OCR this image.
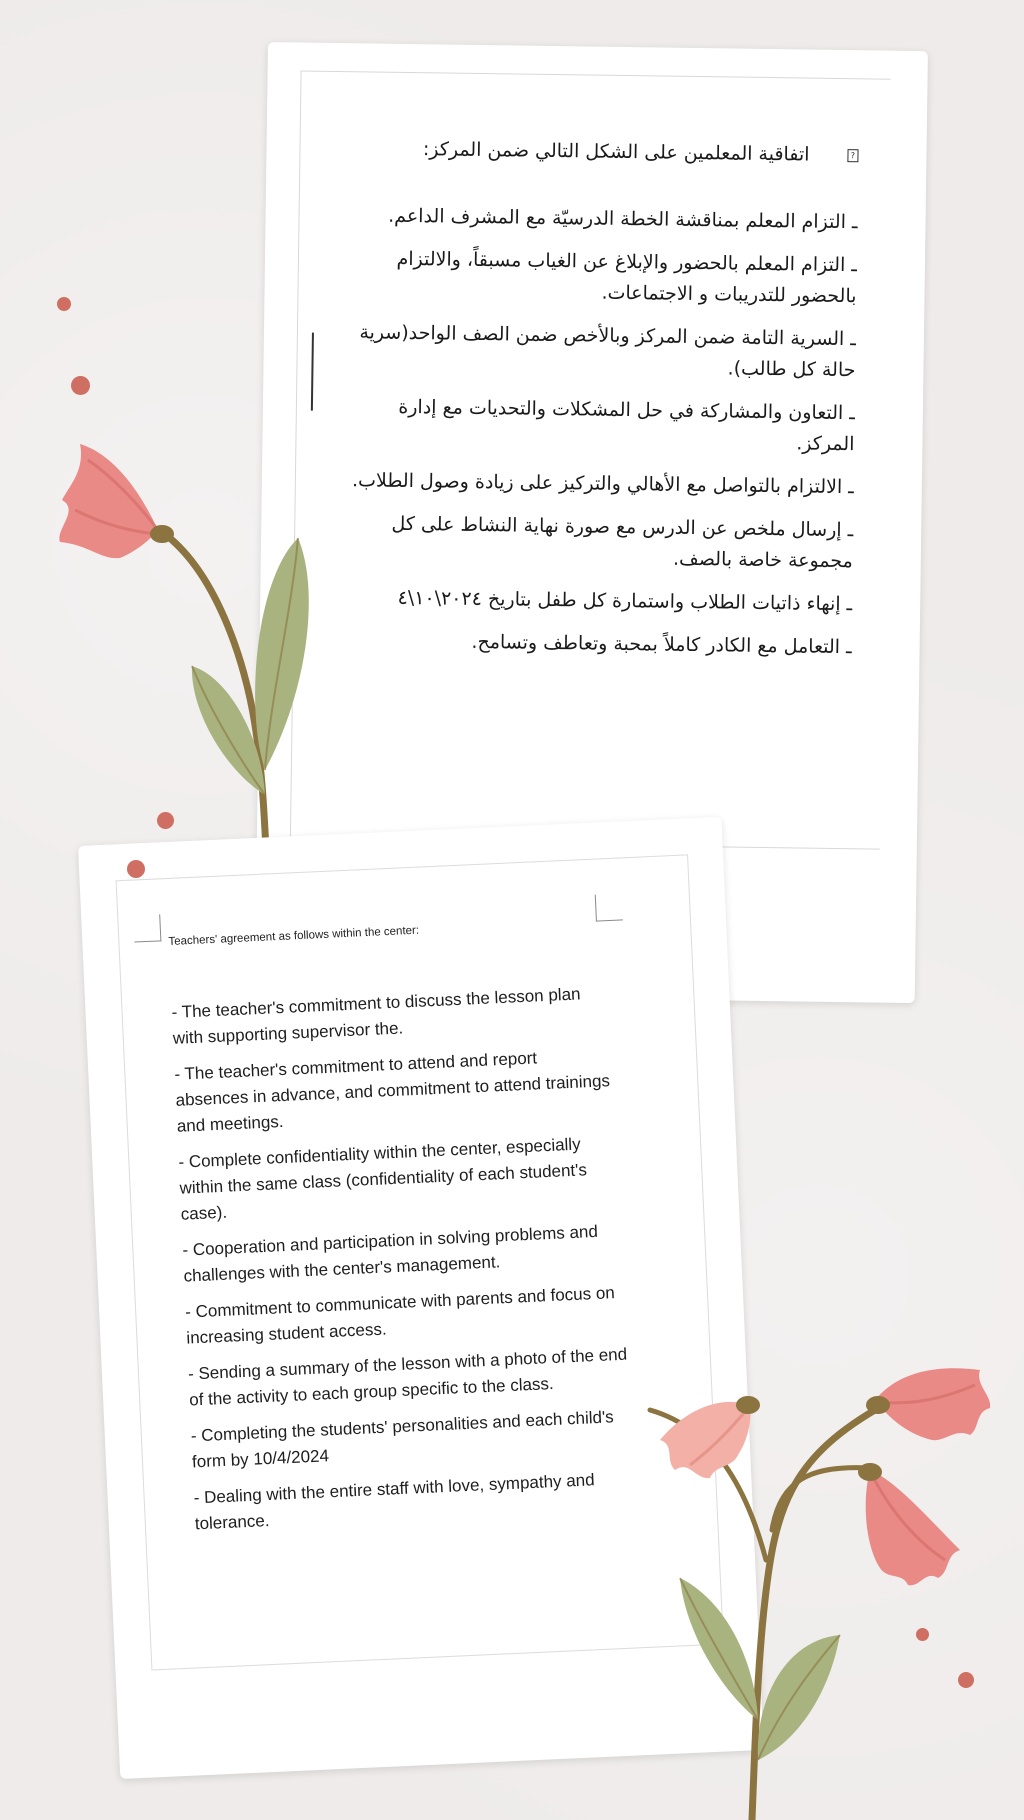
?
اتفاقية المعلمين على الشكل التالي ضمن المركز:

ـ التزام المعلم بمناقشة الخطة الدرسيّة مع المشرف الداعم.

ـ التزام المعلم بالحضور والإبلاغ عن الغياب مسبقاً، والالتزام بالحضور للتدريبات و الاجتماعات.

ـ السرية التامة ضمن المركز وبالأخص ضمن الصف الواحد(سرية حالة كل طالب).

ـ التعاون والمشاركة في حل المشكلات والتحديات مع إدارة المركز.

ـ الالتزام بالتواصل مع الأهالي والتركيز على زيادة وصول الطلاب.

ـ إرسال ملخص عن الدرس مع صورة نهاية النشاط على كل مجموعة خاصة بالصف.

ـ إنهاء ذاتيات الطلاب واستمارة كل طفل بتاريخ ٢٠٢٤\١٠\٤

ـ التعامل مع الكادر كاملاً بمحبة وتعاطف وتسامح.

Teachers' agreement as follows within the center:

- The teacher's commitment to discuss the lesson plan with supporting supervisor the.

- The teacher's commitment to attend and report absences in advance, and commitment to attend trainings and meetings.

- Complete confidentiality within the center, especially within the same class (confidentiality of each student's case).

- Cooperation and participation in solving problems and challenges with the center's management.

- Commitment to communicate with parents and focus on increasing student access.

- Sending a summary of the lesson with a photo of the end of the activity to each group specific to the class.

- Completing the students' personalities and each child's form by 10/4/2024

- Dealing with the entire staff with love, sympathy and tolerance.
